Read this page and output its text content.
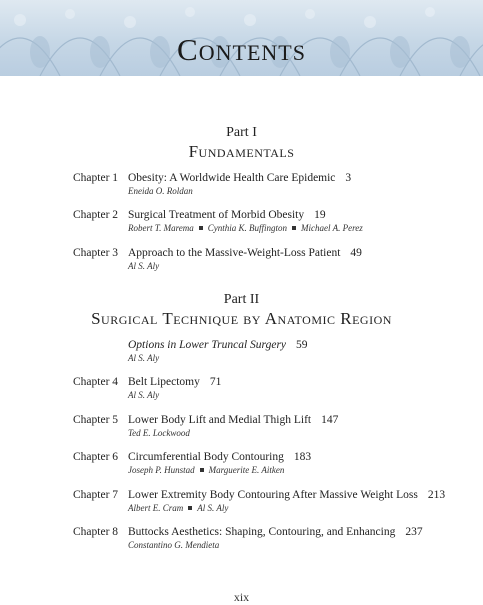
Contents
Part I
Fundamentals
Chapter 1 Obesity: A Worldwide Health Care Epidemic 3
Eneida O. Roldan
Chapter 2 Surgical Treatment of Morbid Obesity 19
Robert T. Marema Cynthia K. Buffington Michael A. Perez
Chapter 3 Approach to the Massive-Weight-Loss Patient 49
Al S. Aly
Part II
Surgical Technique by Anatomic Region
Options in Lower Truncal Surgery 59
Al S. Aly
Chapter 4 Belt Lipectomy 71
Al S. Aly
Chapter 5 Lower Body Lift and Medial Thigh Lift 147
Ted E. Lockwood
Chapter 6 Circumferential Body Contouring 183
Joseph P. Hunstad Marguerite E. Aitken
Chapter 7 Lower Extremity Body Contouring After Massive Weight Loss 213
Albert E. Cram Al S. Aly
Chapter 8 Buttocks Aesthetics: Shaping, Contouring, and Enhancing 237
Constantino G. Mendieta
xix
